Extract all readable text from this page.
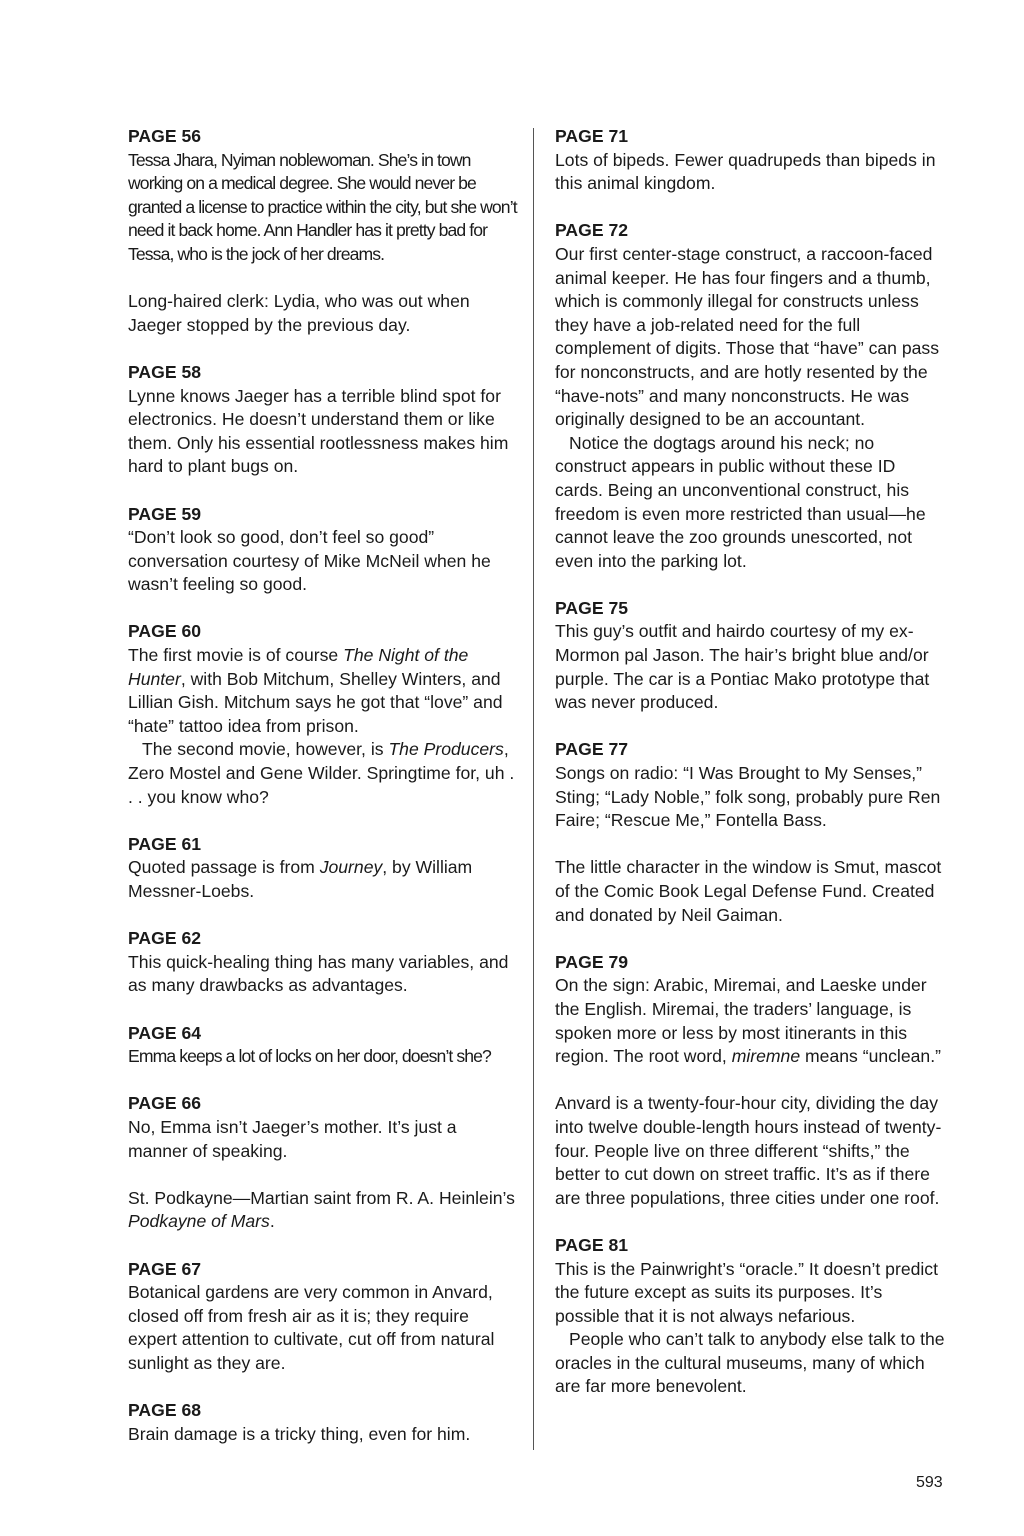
PAGE 56

Tessa Jhara, Nyiman noblewoman. She’s in town working on a medical degree. She would never be granted a license to practice within the city, but she won’t need it back home. Ann Handler has it pretty bad for Tessa, who is the jock of her dreams.

Long-haired clerk: Lydia, who was out when Jaeger stopped by the previous day.

PAGE 58

Lynne knows Jaeger has a terrible blind spot for electronics. He doesn’t understand them or like them. Only his essential rootlessness makes him hard to plant bugs on.

PAGE 59

“Don’t look so good, don’t feel so good” conversation courtesy of Mike McNeil when he wasn’t feeling so good.

PAGE 60

The first movie is of course The Night of the Hunter, with Bob Mitchum, Shelley Winters, and Lillian Gish. Mitchum says he got that “love” and “hate” tattoo idea from prison.

The second movie, however, is The Producers, Zero Mostel and Gene Wilder. Springtime for, uh . . . you know who?

PAGE 61

Quoted passage is from Journey, by William Messner-Loebs.

PAGE 62

This quick-healing thing has many variables, and as many drawbacks as advantages.

PAGE 64

Emma keeps a lot of locks on her door, doesn’t she?

PAGE 66

No, Emma isn’t Jaeger’s mother. It’s just a manner of speaking.

St. Podkayne—Martian saint from R. A. Heinlein’s Podkayne of Mars.

PAGE 67

Botanical gardens are very common in Anvard, closed off from fresh air as it is; they require expert attention to cultivate, cut off from natural sunlight as they are.

PAGE 68

Brain damage is a tricky thing, even for him.

PAGE 71

Lots of bipeds. Fewer quadrupeds than bipeds in this animal kingdom.

PAGE 72

Our first center-stage construct, a raccoon-faced animal keeper. He has four fingers and a thumb, which is commonly illegal for constructs unless they have a job-related need for the full complement of digits. Those that “have” can pass for nonconstructs, and are hotly resented by the “have-nots” and many nonconstructs. He was originally designed to be an accountant.

Notice the dogtags around his neck; no construct appears in public without these ID cards. Being an unconventional construct, his freedom is even more restricted than usual—he cannot leave the zoo grounds unescorted, not even into the parking lot.

PAGE 75

This guy’s outfit and hairdo courtesy of my ex-Mormon pal Jason. The hair’s bright blue and/or purple. The car is a Pontiac Mako prototype that was never produced.

PAGE 77

Songs on radio: “I Was Brought to My Senses,” Sting; “Lady Noble,” folk song, probably pure Ren Faire; “Rescue Me,” Fontella Bass.

The little character in the window is Smut, mascot of the Comic Book Legal Defense Fund. Created and donated by Neil Gaiman.

PAGE 79

On the sign: Arabic, Miremai, and Laeske under the English. Miremai, the traders’ language, is spoken more or less by most itinerants in this region. The root word, miremne means “unclean.”

Anvard is a twenty-four-hour city, dividing the day into twelve double-length hours instead of twenty-four. People live on three different “shifts,” the better to cut down on street traffic. It’s as if there are three populations, three cities under one roof.

PAGE 81

This is the Painwright’s “oracle.” It doesn’t predict the future except as suits its purposes. It’s possible that it is not always nefarious.

People who can’t talk to anybody else talk to the oracles in the cultural museums, many of which are far more benevolent.

593
